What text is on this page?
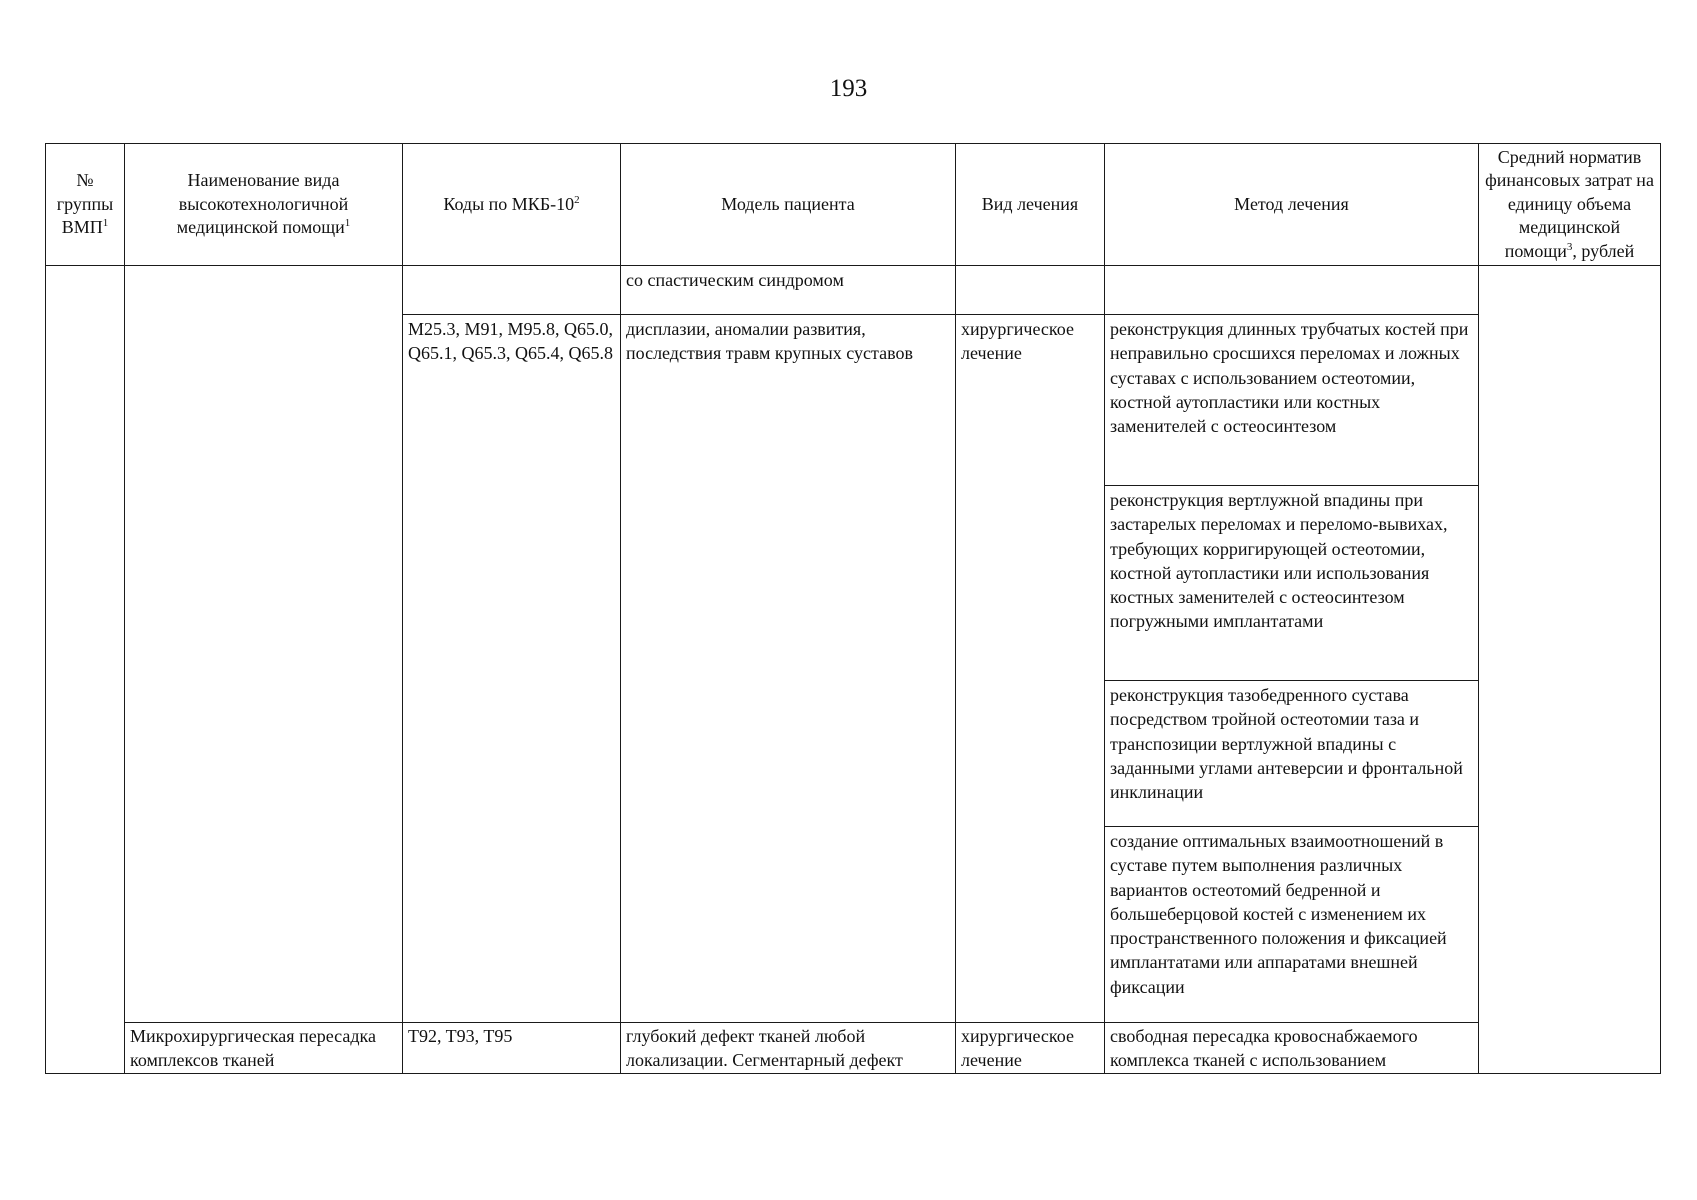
193
№ группы ВМП$^1$	Наименование вида высокотехнологичной медицинской помощи$^1$	Коды по МКБ-$10^2$	Модель пациента	Вид лечения	Метод лечения	Средний норматив финансовых затрат на единицу объема медицинской помощи$^3$, рублей
			со спастическим синдромом			
		M25.3, M91, M95.8, Q65.0, Q65.1, Q65.3, Q65.4, Q65.8	дисплазии, аномалии развития, последствия травм крупных суставов	хирургическое лечение	реконструкция длинных трубчатых костей при неправильно сросшихся переломах и ложных суставах с использованием остеотомии, костной аутопластики или костных заменителей с остеосинтезом	
					реконструкция вертлужной впадины при застарелых переломах и переломо-вывихах, требующих корригирующей остеотомии, костной аутопластики или использования костных заменителей с остеосинтезом погружными имплантатами	
					реконструкция тазобедренного сустава посредством тройной остеотомии таза и транспозиции вертлужной впадины с заданными углами антеверсии и фронтальной инклинации	
					создание оптимальных взаимоотношений в суставе путем выполнения различных вариантов остеотомий бедренной и большеберцовой костей с изменением их пространственного положения и фиксацией имплантатами или аппаратами внешней фиксации	
	Микрохирургическая пересадка комплексов тканей	T92, T93, T95	глубокий дефект тканей любой локализации. Сегментарный дефект	хирургическое лечение	свободная пересадка кровоснабжаемого комплекса тканей с использованием	
